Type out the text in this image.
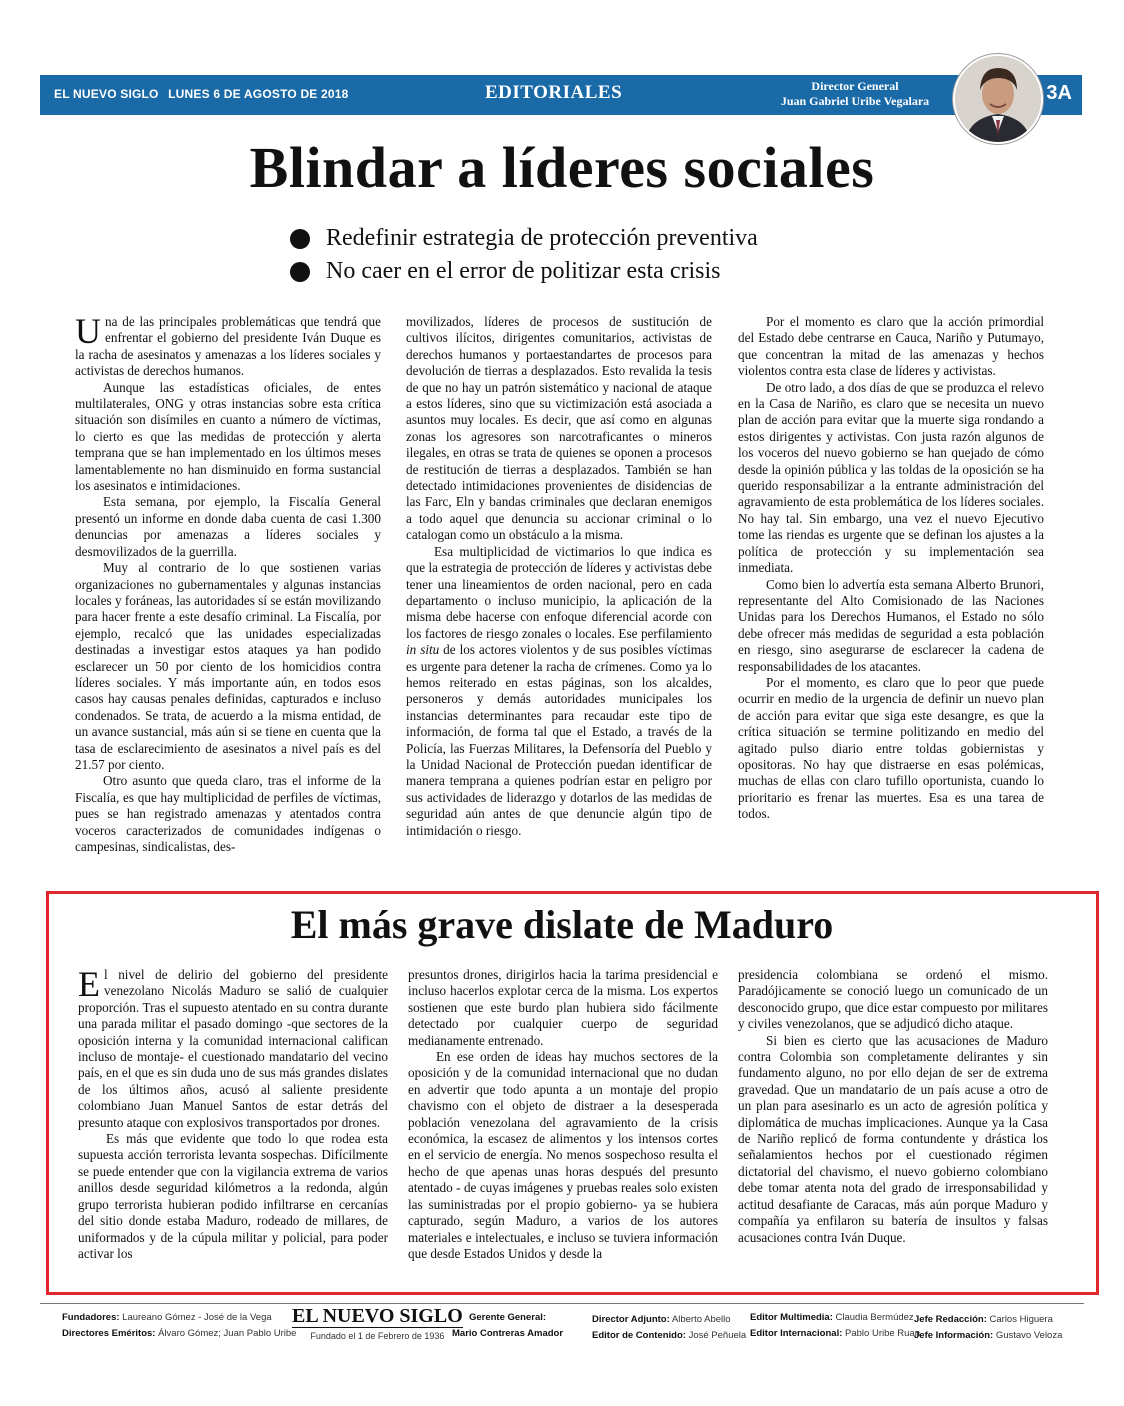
EL NUEVO SIGLO LUNES 6 DE AGOSTO DE 2018	EDITORIALES	Director General
Juan Gabriel Uribe Vegalara	3A
Blindar a líderes sociales
Redefinir estrategia de protección preventiva
No caer en el error de politizar esta crisis

Una de las principales problemáticas que tendrá que enfrentar el gobierno del presidente Iván Duque es la racha de asesinatos y amenazas a los líderes sociales y activistas de derechos humanos.

Aunque las estadísticas oficiales, de entes multilaterales, ONG y otras instancias sobre esta crítica situación son disímiles en cuanto a número de víctimas, lo cierto es que las medidas de protección y alerta temprana que se han implementado en los últimos meses lamentablemente no han disminuido en forma sustancial los asesinatos e intimidaciones.

Esta semana, por ejemplo, la Fiscalía General presentó un informe en donde daba cuenta de casi 1.300 denuncias por amenazas a líderes sociales y desmovilizados de la guerrilla.

Muy al contrario de lo que sostienen varias organizaciones no gubernamentales y algunas instancias locales y foráneas, las autoridades sí se están movilizando para hacer frente a este desafío criminal. La Fiscalía, por ejemplo, recalcó que las unidades especializadas destinadas a investigar estos ataques ya han podido esclarecer un 50 por ciento de los homicidios contra líderes sociales. Y más importante aún, en todos esos casos hay causas penales definidas, capturados e incluso condenados. Se trata, de acuerdo a la misma entidad, de un avance sustancial, más aún si se tiene en cuenta que la tasa de esclarecimiento de asesinatos a nivel país es del 21.57 por ciento.

Otro asunto que queda claro, tras el informe de la Fiscalía, es que hay multiplicidad de perfiles de víctimas, pues se han registrado amenazas y atentados contra voceros caracterizados de comunidades indígenas o campesinas, sindicalistas, des-

movilizados, líderes de procesos de sustitución de cultivos ilícitos, dirigentes comunitarios, activistas de derechos humanos y portaestandartes de procesos para devolución de tierras a desplazados. Esto revalida la tesis de que no hay un patrón sistemático y nacional de ataque a estos líderes, sino que su victimización está asociada a asuntos muy locales. Es decir, que así como en algunas zonas los agresores son narcotraficantes o mineros ilegales, en otras se trata de quienes se oponen a procesos de restitución de tierras a desplazados. También se han detectado intimidaciones provenientes de disidencias de las Farc, Eln y bandas criminales que declaran enemigos a todo aquel que denuncia su accionar criminal o lo catalogan como un obstáculo a la misma.

Esa multiplicidad de victimarios lo que indica es que la estrategia de protección de líderes y activistas debe tener una lineamientos de orden nacional, pero en cada departamento o incluso municipio, la aplicación de la misma debe hacerse con enfoque diferencial acorde con los factores de riesgo zonales o locales. Ese perfilamiento in situ de los actores violentos y de sus posibles víctimas es urgente para detener la racha de crímenes. Como ya lo hemos reiterado en estas páginas, son los alcaldes, personeros y demás autoridades municipales los instancias determinantes para recaudar este tipo de información, de forma tal que el Estado, a través de la Policía, las Fuerzas Militares, la Defensoría del Pueblo y la Unidad Nacional de Protección puedan identificar de manera temprana a quienes podrían estar en peligro por sus actividades de liderazgo y dotarlos de las medidas de seguridad aún antes de que denuncie algún tipo de intimidación o riesgo.

Por el momento es claro que la acción primordial del Estado debe centrarse en Cauca, Nariño y Putumayo, que concentran la mitad de las amenazas y hechos violentos contra esta clase de líderes y activistas.

De otro lado, a dos días de que se produzca el relevo en la Casa de Nariño, es claro que se necesita un nuevo plan de acción para evitar que la muerte siga rondando a estos dirigentes y activistas. Con justa razón algunos de los voceros del nuevo gobierno se han quejado de cómo desde la opinión pública y las toldas de la oposición se ha querido responsabilizar a la entrante administración del agravamiento de esta problemática de los líderes sociales. No hay tal. Sin embargo, una vez el nuevo Ejecutivo tome las riendas es urgente que se definan los ajustes a la política de protección y su implementación sea inmediata.

Como bien lo advertía esta semana Alberto Brunori, representante del Alto Comisionado de las Naciones Unidas para los Derechos Humanos, el Estado no sólo debe ofrecer más medidas de seguridad a esta población en riesgo, sino asegurarse de esclarecer la cadena de responsabilidades de los atacantes.

Por el momento, es claro que lo peor que puede ocurrir en medio de la urgencia de definir un nuevo plan de acción para evitar que siga este desangre, es que la crítica situación se termine politizando en medio del agitado pulso diario entre toldas gobiernistas y opositoras. No hay que distraerse en esas polémicas, muchas de ellas con claro tufillo oportunista, cuando lo prioritario es frenar las muertes. Esa es una tarea de todos.

El más grave dislate de Maduro

El nivel de delirio del gobierno del presidente venezolano Nicolás Maduro se salió de cualquier proporción. Tras el supuesto atentado en su contra durante una parada militar el pasado domingo -que sectores de la oposición interna y la comunidad internacional califican incluso de montaje- el cuestionado mandatario del vecino país, en el que es sin duda uno de sus más grandes dislates de los últimos años, acusó al saliente presidente colombiano Juan Manuel Santos de estar detrás del presunto ataque con explosivos transportados por drones.

Es más que evidente que todo lo que rodea esta supuesta acción terrorista levanta sospechas. Difícilmente se puede entender que con la vigilancia extrema de varios anillos desde seguridad kilómetros a la redonda, algún grupo terrorista hubieran podido infiltrarse en cercanías del sitio donde estaba Maduro, rodeado de millares, de uniformados y de la cúpula militar y policial, para poder activar los

presuntos drones, dirigirlos hacia la tarima presidencial e incluso hacerlos explotar cerca de la misma. Los expertos sostienen que este burdo plan hubiera sido fácilmente detectado por cualquier cuerpo de seguridad medianamente entrenado.

En ese orden de ideas hay muchos sectores de la oposición y de la comunidad internacional que no dudan en advertir que todo apunta a un montaje del propio chavismo con el objeto de distraer a la desesperada población venezolana del agravamiento de la crisis económica, la escasez de alimentos y los intensos cortes en el servicio de energía. No menos sospechoso resulta el hecho de que apenas unas horas después del presunto atentado - de cuyas imágenes y pruebas reales solo existen las suministradas por el propio gobierno- ya se hubiera capturado, según Maduro, a varios de los autores materiales e intelectuales, e incluso se tuviera información que desde Estados Unidos y desde la

presidencia colombiana se ordenó el mismo. Paradójicamente se conoció luego un comunicado de un desconocido grupo, que dice estar compuesto por militares y civiles venezolanos, que se adjudicó dicho ataque.

Si bien es cierto que las acusaciones de Maduro contra Colombia son completamente delirantes y sin fundamento alguno, no por ello dejan de ser de extrema gravedad. Que un mandatario de un país acuse a otro de un plan para asesinarlo es un acto de agresión política y diplomática de muchas implicaciones. Aunque ya la Casa de Nariño replicó de forma contundente y drástica los señalamientos hechos por el cuestionado régimen dictatorial del chavismo, el nuevo gobierno colombiano debe tomar atenta nota del grado de irresponsabilidad y actitud desafiante de Caracas, más aún porque Maduro y compañía ya enfilaron su batería de insultos y falsas acusaciones contra Iván Duque.

Fundadores: Laureano Gómez - José de la Vega
Directores Eméritos: Álvaro Gómez; Juan Pablo Uribe
EL NUEVO SIGLO
Fundado el 1 de Febrero de 1936
Gerente General:
Mario Contreras Amador
Director Adjunto: Alberto Abello
Editor de Contenido: José Peñuela
Editor Multimedia: Claudia Bermúdez
Editor Internacional: Pablo Uribe Ruan
Jefe Redacción: Carlos Higuera
Jefe Información: Gustavo Veloza
